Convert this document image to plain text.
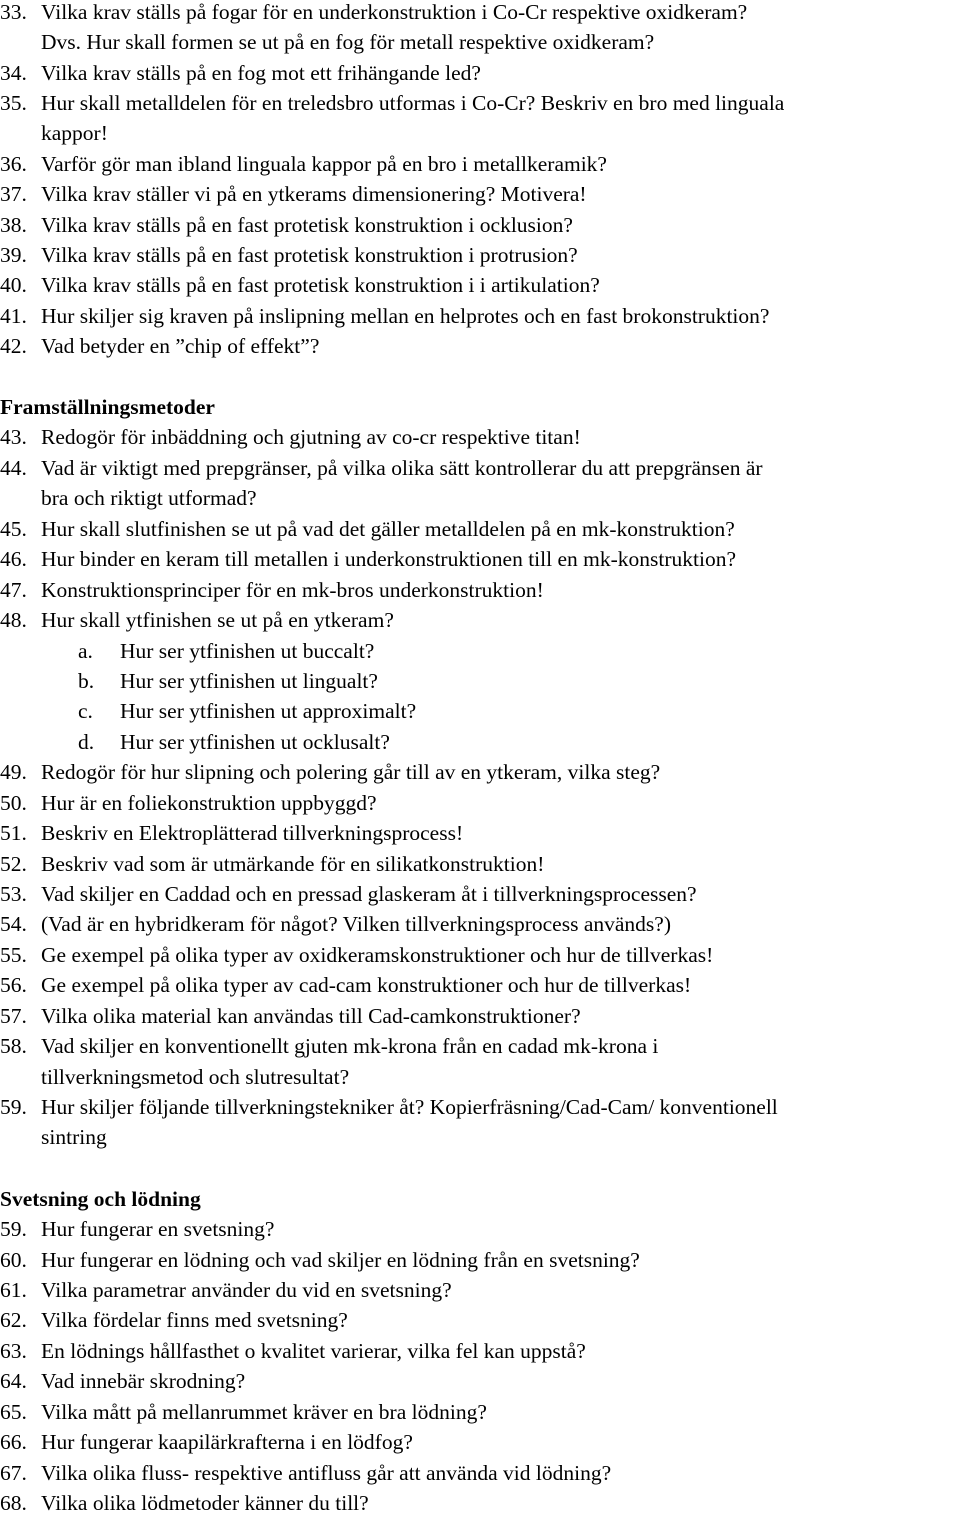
33. Vilka krav ställs på fogar för en underkonstruktion i Co-Cr respektive oxidkeram?
Dvs. Hur skall formen se ut på en fog för metall respektive oxidkeram?
34. Vilka krav ställs på en fog mot ett frihängande led?
35. Hur skall metalldelen för en treledsbro utformas i Co-Cr? Beskriv en bro med linguala
kappor!
36. Varför gör man ibland linguala kappor på en bro i metallkeramik?
37. Vilka krav ställer vi på en ytkerams dimensionering? Motivera!
38. Vilka krav ställs på en fast protetisk konstruktion i ocklusion?
39. Vilka krav ställs på en fast protetisk konstruktion i protrusion?
40. Vilka krav ställs på en fast protetisk konstruktion i i artikulation?
41. Hur skiljer sig kraven på inslipning mellan en helprotes och en fast brokonstruktion?
42. Vad betyder en ”chip of effekt”?
Framställningsmetoder
43. Redogör för inbäddning och gjutning av co-cr respektive titan!
44. Vad är viktigt med prepgränser, på vilka olika sätt kontrollerar du att prepgränsen är
bra och riktigt utformad?
45. Hur skall slutfinishen se ut på vad det gäller metalldelen på en mk-konstruktion?
46. Hur binder en keram till metallen i underkonstruktionen till en mk-konstruktion?
47. Konstruktionsprinciper för en mk-bros underkonstruktion!
48. Hur skall ytfinishen se ut på en ytkeram?
a. Hur ser ytfinishen ut buccalt?
b. Hur ser ytfinishen ut lingualt?
c. Hur ser ytfinishen ut approximalt?
d. Hur ser ytfinishen ut ocklusalt?
49. Redogör för hur slipning och polering går till av en ytkeram, vilka steg?
50. Hur är en foliekonstruktion uppbyggd?
51. Beskriv en Elektroplätterad tillverkningsprocess!
52. Beskriv vad som är utmärkande för en silikatkonstruktion!
53. Vad skiljer en Caddad och en pressad glaskeram åt i tillverkningsprocessen?
54. (Vad är en hybridkeram för något? Vilken tillverkningsprocess används?)
55. Ge exempel på olika typer av oxidkeramskonstruktioner och hur de tillverkas!
56. Ge exempel på olika typer av cad-cam konstruktioner och hur de tillverkas!
57. Vilka olika material kan användas till Cad-camkonstruktioner?
58. Vad skiljer en konventionellt gjuten mk-krona från en cadad mk-krona i
tillverkningsmetod och slutresultat?
59. Hur skiljer följande tillverkningstekniker åt? Kopierfräsning/Cad-Cam/ konventionell
sintring
Svetsning och lödning
59. Hur fungerar en svetsning?
60. Hur fungerar en lödning och vad skiljer en lödning från en svetsning?
61. Vilka parametrar använder du vid en svetsning?
62. Vilka fördelar finns med svetsning?
63. En lödnings hållfasthet o kvalitet varierar, vilka fel kan uppstå?
64. Vad innebär skrodning?
65. Vilka mått på mellanrummet kräver en bra lödning?
66. Hur fungerar kaapilärkrafterna i en lödfog?
67. Vilka olika fluss- respektive antifluss går att använda vid lödning?
68. Vilka olika lödmetoder känner du till?
